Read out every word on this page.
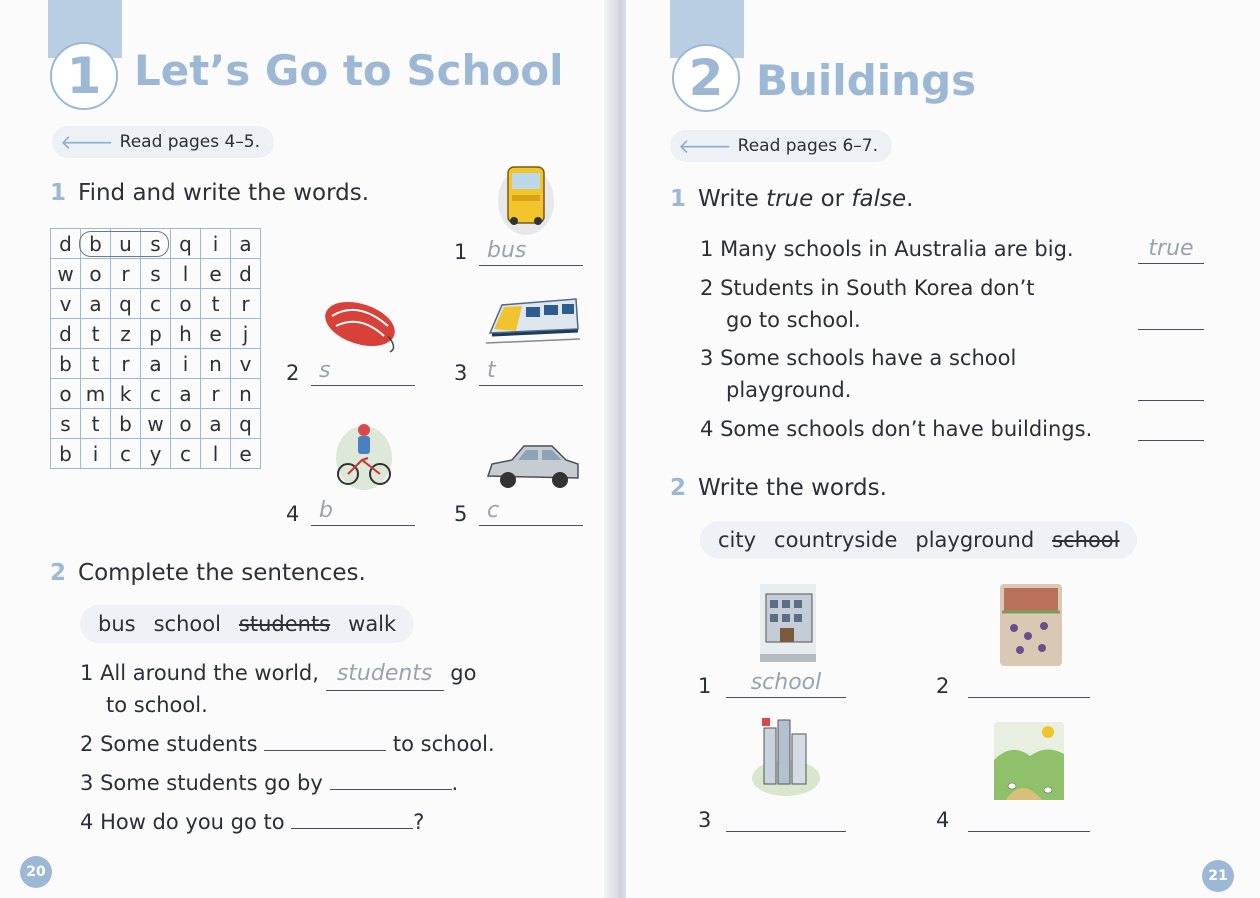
1 Let’s Go to School
🡐 Read pages 4–5.
1 Find and write the words.
d	b	u	s	q	i	a
w	o	r	s	l	e	d
v	a	q	c	o	t	r
d	t	z	p	h	e	j
b	t	r	a	i	n	v
o	m	k	c	a	r	n
s	t	b	w	o	a	q
b	i	c	y	c	l	e
1 bus
2 s	3 t
4 b	5 c
2 Complete the sentences.
bus school students walk
1 All around the world, students go
to school.
2 Some students	to school.
3 Some students go by	.
4 How do you go to	?
20
2 Buildings
🡐 Read pages 6–7.
1 Write true or false.
1 Many schools in Australia are big.	true
2 Students in South Korea don’t
go to school.
3 Some schools have a school
playground.
4 Some schools don’t have buildings.
2 Write the words.
city countryside playground school
1	school	2
3	4
21
